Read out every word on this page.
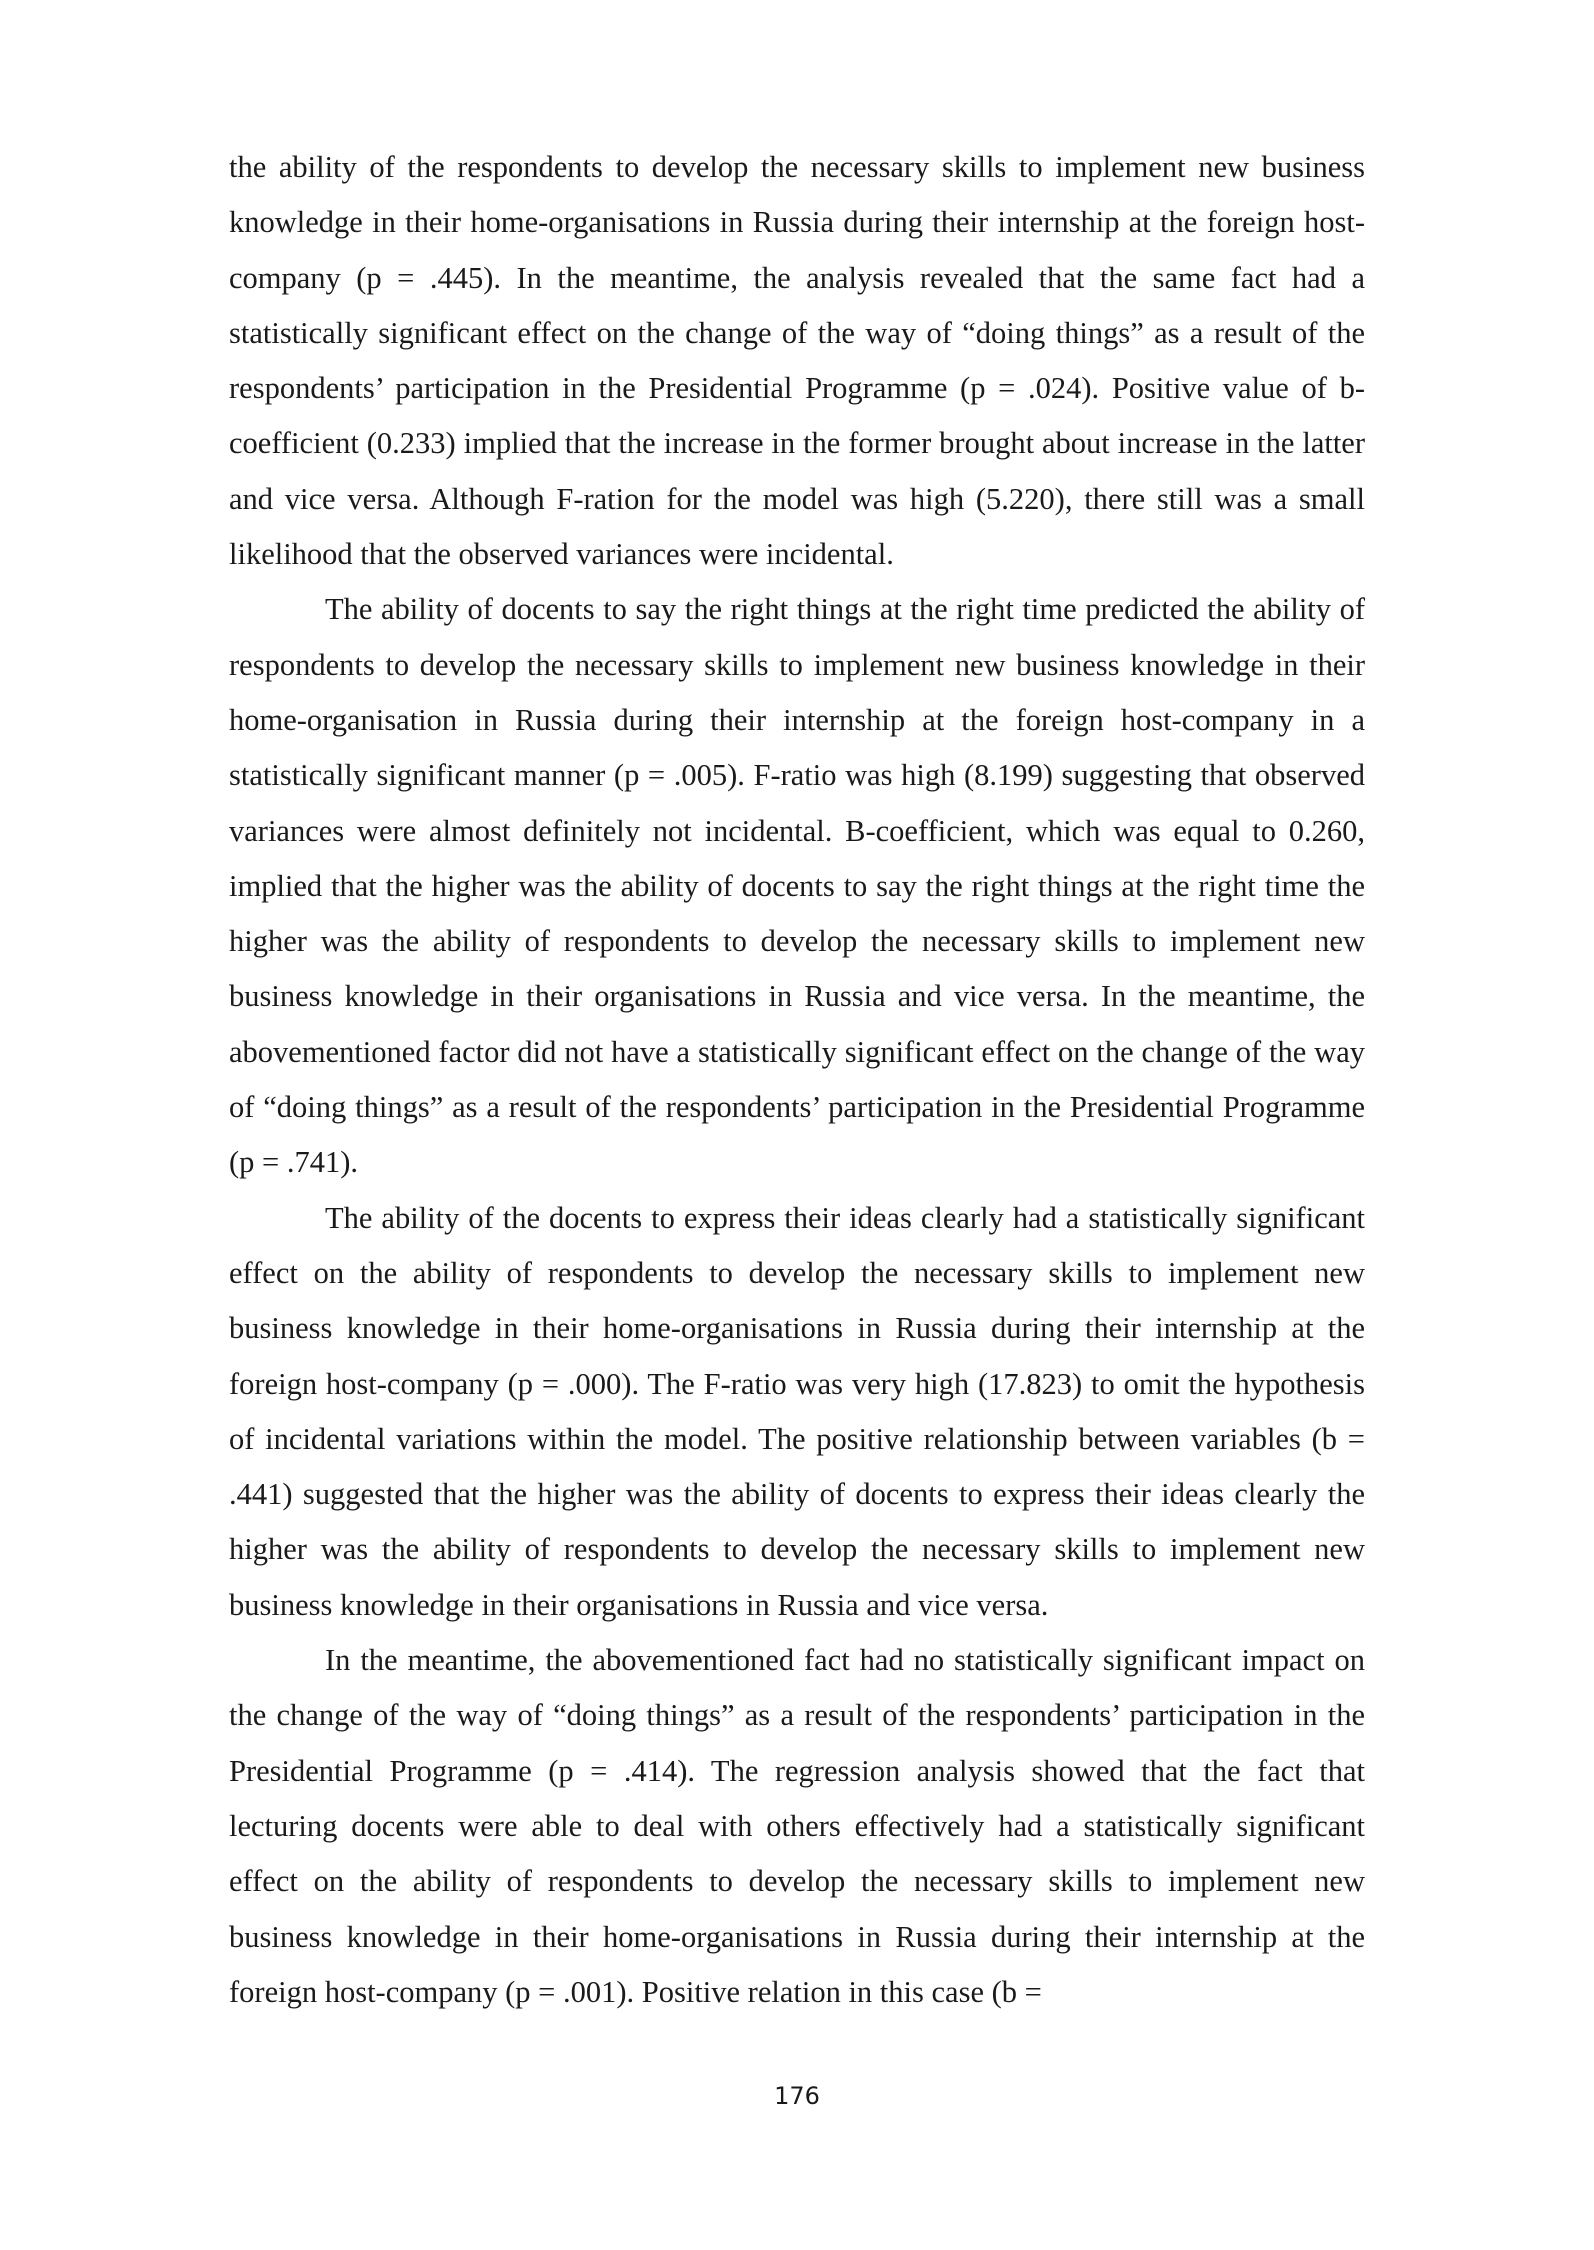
the ability of the respondents to develop the necessary skills to implement new business knowledge in their home-organisations in Russia during their internship at the foreign host-company (p = .445). In the meantime, the analysis revealed that the same fact had a statistically significant effect on the change of the way of “doing things” as a result of the respondents’ participation in the Presidential Programme (p = .024). Positive value of b-coefficient (0.233) implied that the increase in the former brought about increase in the latter and vice versa. Although F-ration for the model was high (5.220), there still was a small likelihood that the observed variances were incidental.

The ability of docents to say the right things at the right time predicted the ability of respondents to develop the necessary skills to implement new business knowledge in their home-organisation in Russia during their internship at the foreign host-company in a statistically significant manner (p = .005). F-ratio was high (8.199) suggesting that observed variances were almost definitely not incidental. B-coefficient, which was equal to 0.260, implied that the higher was the ability of docents to say the right things at the right time the higher was the ability of respondents to develop the necessary skills to implement new business knowledge in their organisations in Russia and vice versa. In the meantime, the abovementioned factor did not have a statistically significant effect on the change of the way of “doing things” as a result of the respondents’ participation in the Presidential Programme (p = .741).

The ability of the docents to express their ideas clearly had a statistically significant effect on the ability of respondents to develop the necessary skills to implement new business knowledge in their home-organisations in Russia during their internship at the foreign host-company (p = .000). The F-ratio was very high (17.823) to omit the hypothesis of incidental variations within the model. The positive relationship between variables (b = .441) suggested that the higher was the ability of docents to express their ideas clearly the higher was the ability of respondents to develop the necessary skills to implement new business knowledge in their organisations in Russia and vice versa.

In the meantime, the abovementioned fact had no statistically significant impact on the change of the way of “doing things” as a result of the respondents’ participation in the Presidential Programme (p = .414). The regression analysis showed that the fact that lecturing docents were able to deal with others effectively had a statistically significant effect on the ability of respondents to develop the necessary skills to implement new business knowledge in their home-organisations in Russia during their internship at the foreign host-company (p = .001). Positive relation in this case (b =

176
